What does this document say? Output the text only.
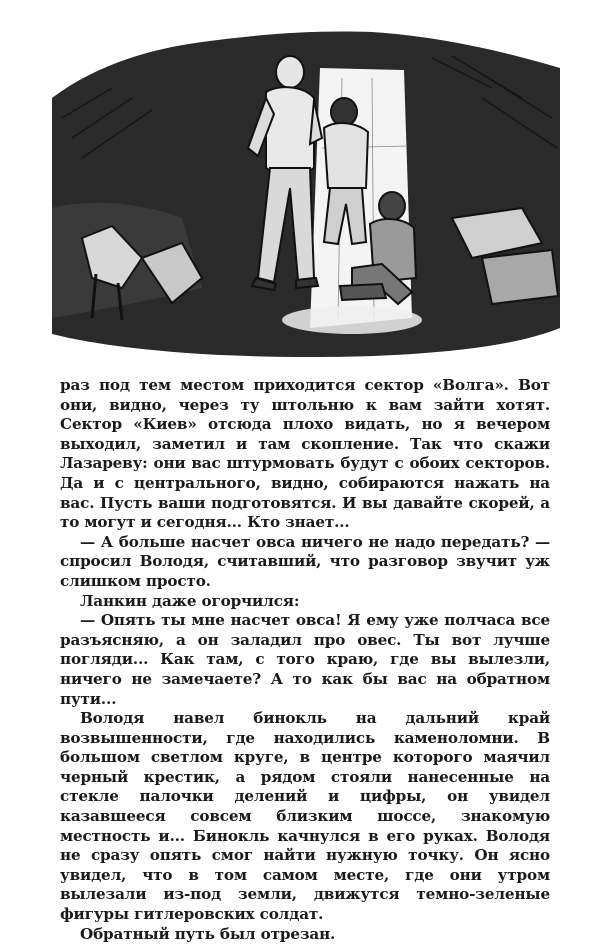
раз под тем местом приходится сектор «Волга». Вот они, видно, через ту штольню к вам зайти хотят. Сектор «Киев» отсюда плохо видать, но я вечером выходил, заметил и там скопление. Так что скажи Лазареву: они вас штурмовать будут с обоих секторов. Да и с центрального, видно, собираются нажать на вас. Пусть ваши подготовятся. И вы давайте скорей, а то могут и сегодня... Кто знает...

— А больше насчет овса ничего не надо передать? — спросил Володя, считавший, что разговор звучит уж слишком просто.

Ланкин даже огорчился:

— Опять ты мне насчет овса! Я ему уже полчаса все разъясняю, а он заладил про овес. Ты вот лучше погляди... Как там, с того краю, где вы вылезли, ничего не замечаете? А то как бы вас на обратном пути...

Володя навел бинокль на дальний край возвышенности, где находились каменоломни. В большом светлом круге, в центре которого маячил черный крестик, а рядом стояли нанесенные на стекле палочки делений и цифры, он увидел казавшееся совсем близким шоссе, знакомую местность и... Бинокль качнулся в его руках. Володя не сразу опять смог найти нужную точку. Он ясно увидел, что в том самом месте, где они утром вылезали из-под земли, движутся темно-зеленые фигуры гитлеровских солдат.

Обратный путь был отрезан.
